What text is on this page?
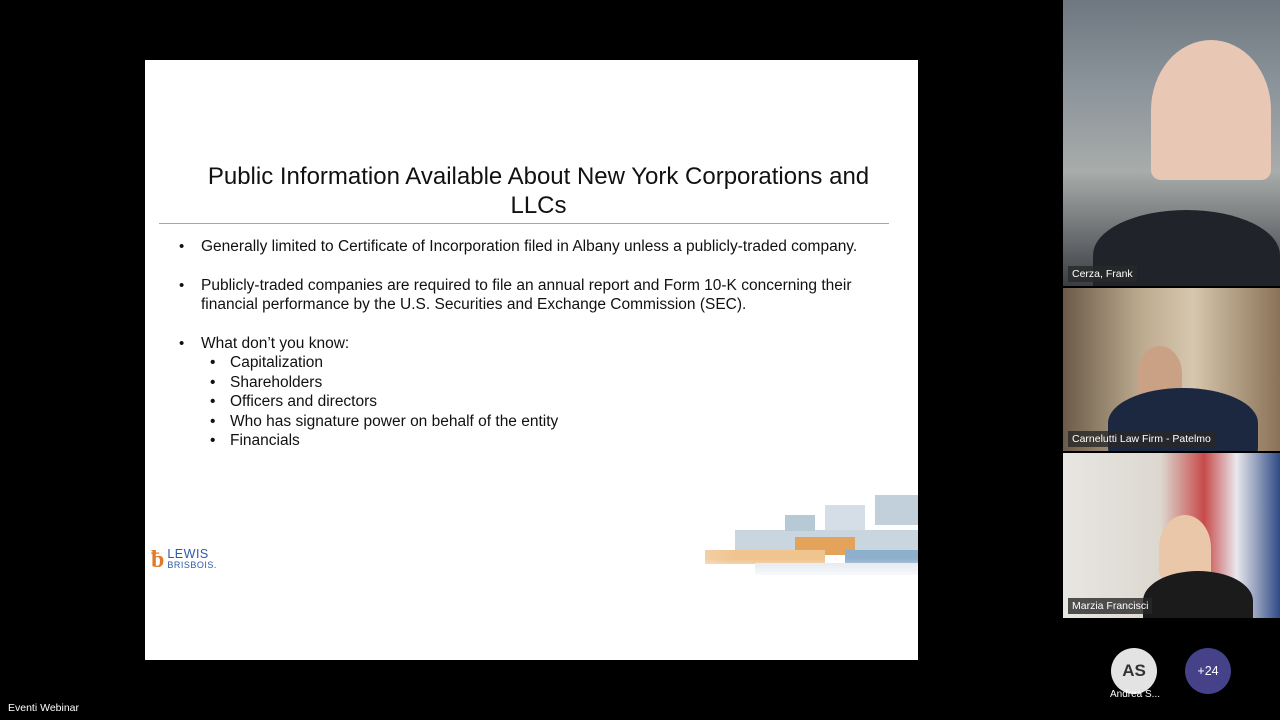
Public Information Available About New York Corporations and LLCs
• Generally limited to Certificate of Incorporation filed in Albany unless a publicly-traded company.
• Publicly-traded companies are required to file an annual report and Form 10-K concerning their financial performance by the U.S. Securities and Exchange Commission (SEC).
• What don’t you know:
• Capitalization
• Shareholders
• Officers and directors
• Who has signature power on behalf of the entity
• Financials
ƀ LEWIS
BRISBOIS.
Cerza, Frank
Carnelutti Law Firm - Patelmo
Marzia Francisci
AS
Andrea S...
+24
Eventi Webinar
